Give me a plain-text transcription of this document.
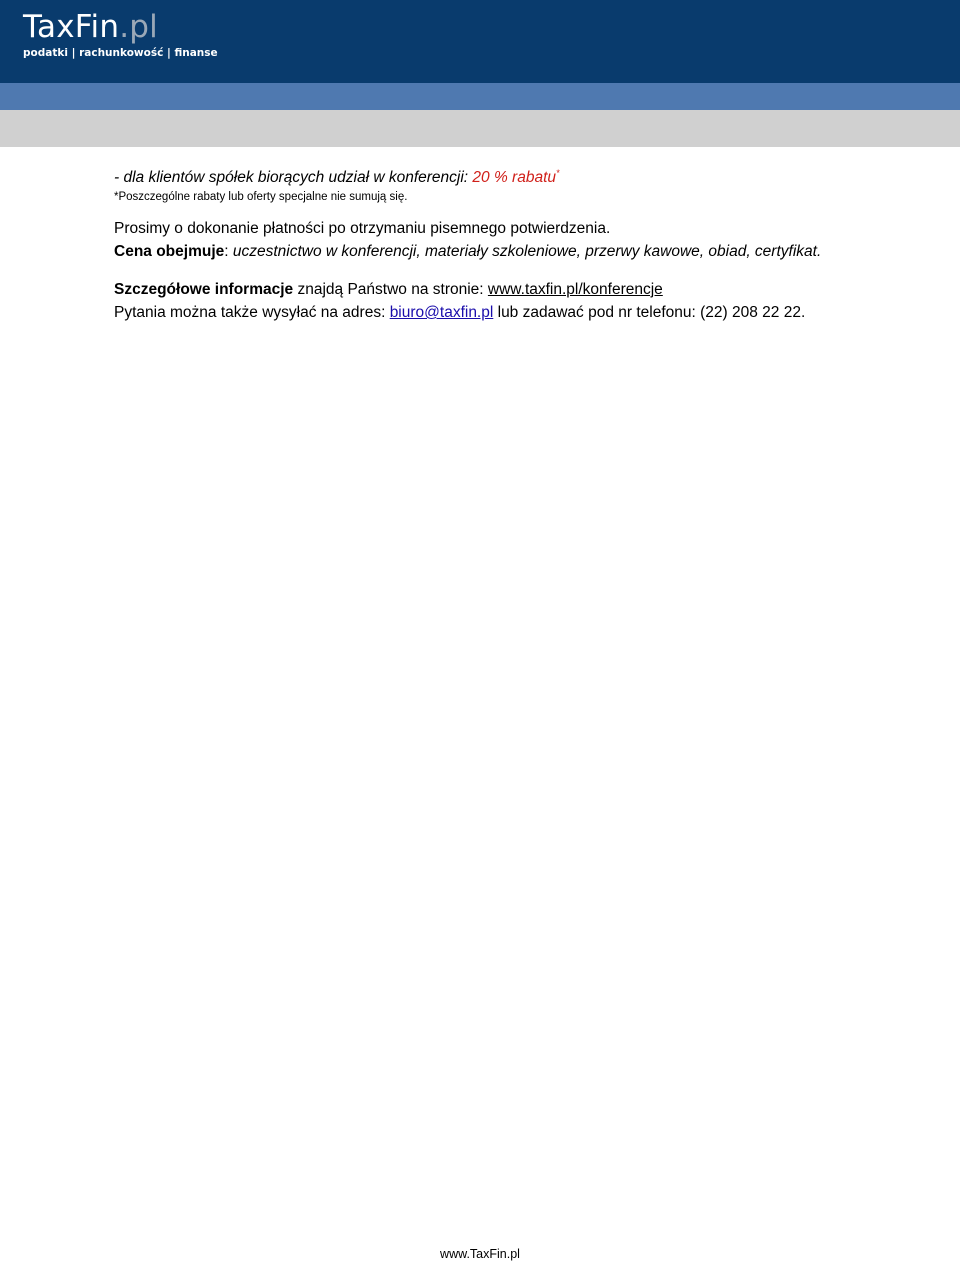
TaxFin.pl
podatki | rachunkowość | finanse
- dla klientów spółek biorących udział w konferencji: 20 % rabatu*
*Poszczególne rabaty lub oferty specjalne nie sumują się.
Prosimy o dokonanie płatności po otrzymaniu pisemnego potwierdzenia.
Cena obejmuje: uczestnictwo w konferencji, materiały szkoleniowe, przerwy kawowe, obiad, certyfikat.
Szczegółowe informacje znajdą Państwo na stronie: www.taxfin.pl/konferencje
Pytania można także wysyłać na adres: biuro@taxfin.pl lub zadawać pod nr telefonu: (22) 208 22 22.
www.TaxFin.pl
